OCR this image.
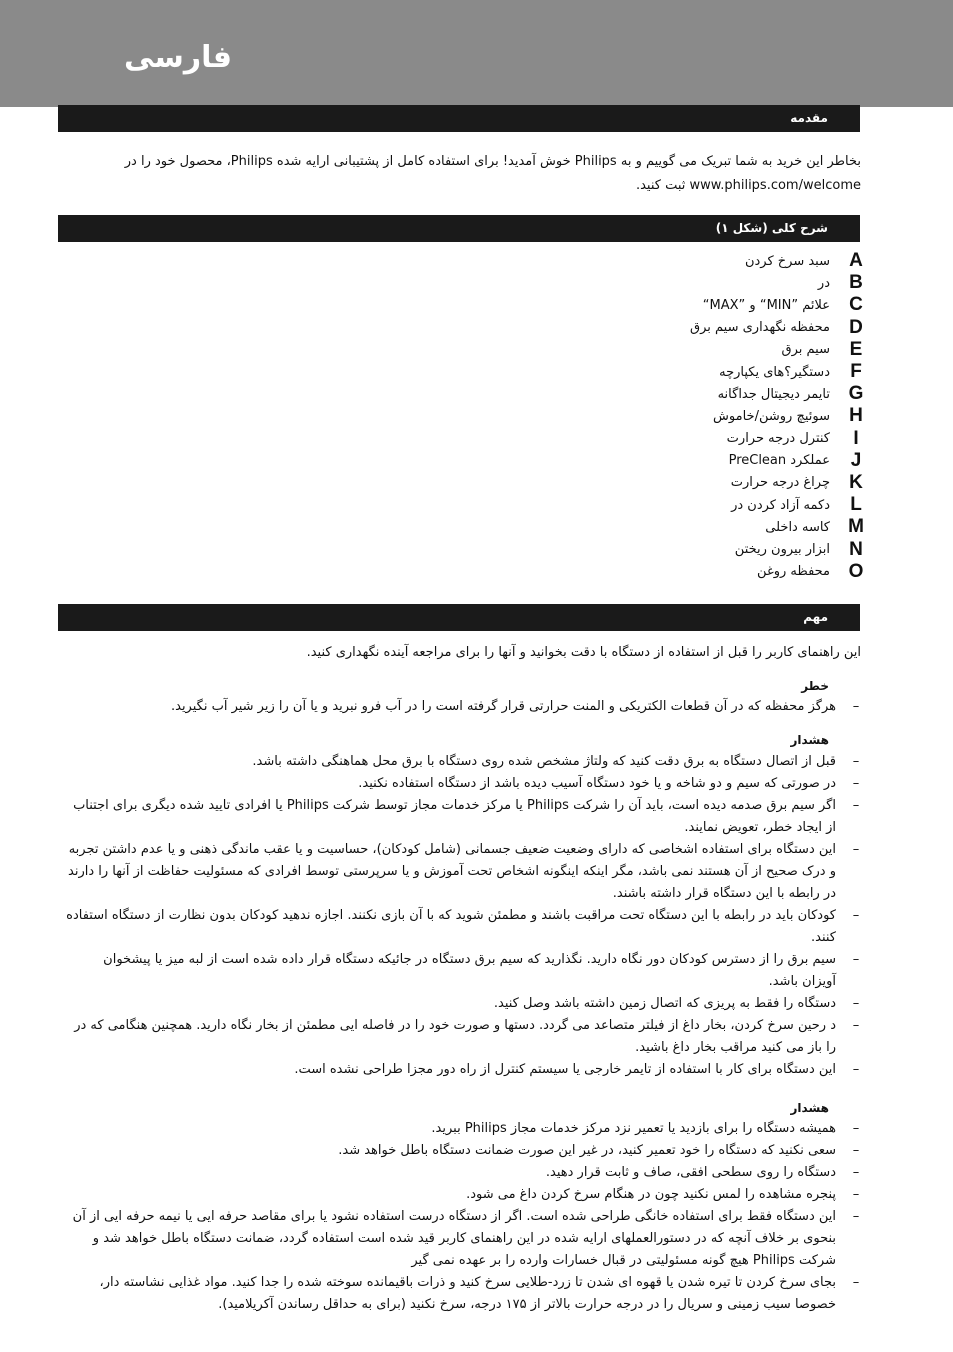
فارسی
مقدمه
بخاطر این خرید به شما تبریک می گوییم و به Philips خوش آمدید! برای استفاده کامل از پشتیبانی ارایه شده Philips، محصول خود را در www.philips.com/welcome ثبت کنید.
شرح کلی (شکل ۱)
سبد سرخ کردن A
در B
علائم ”MIN“ و ”MAX“ C
محفظه نگهداری سیم برق D
سیم برق E
دستگیر؟های یکپارچه F
تایمر دیجیتال جداگانه G
سوئیچ روشن/خاموش H
کنترل درجه حرارت	I
عملکرد PreClean J
چراغ درجه حرارت K
دکمه آزاد کردن در L
کاسه داخلی M
ابزار بیرون ریختن N
محفظه روغن O
مهم
این راهنمای کاربر را قبل از استفاده از دستگاه با دقت بخوانید و آنها را برای مراجعه آینده نگهداری کنید.
خطر
هرگز محفظه که در آن قطعات الکتریکی و المنت حرارتی قرار گرفته است را در آب فرو نبرید و یا آن را زیر شیر آب نگیرید.	–
هشدار
قبل از اتصال دستگاه به برق دقت کنید که ولتاژ مشخص شده روی دستگاه با برق محل هماهنگی داشته باشد.	–
در صورتی که سیم و دو شاخه و یا خود دستگاه آسیب دیده باشد از دستگاه استفاده نکنید.	–
اگر سیم برق صدمه دیده است، باید آن را شرکت Philips یا مرکز خدمات مجاز توسط شرکت Philips یا افرادی تایید شده دیگری برای اجتناب از ایجاد خطر، تعویض نمایند.
–
این دستگاه برای استفاده اشخاصی که دارای وضعیت ضعیف جسمانی (شامل کودکان)، حساسیت و یا عقب ماندگی ذهنی و یا عدم داشتن تجربه و درک صحیح از آن هستند نمی باشد، مگر اینکه اینگونه اشخاص تحت آموزش و یا سرپرستی توسط افرادی که مسئولیت حفاظت از آنها را دارند در رابطه با این دستگاه قرار داشته باشند.
–
کودکان باید در رابطه با این دستگاه تحت مراقبت باشند و مطمئن شوید که با آن بازی نکنند. اجازه ندهید کودکان بدون نظارت از دستگاه استفاده کنند.
–
سیم برق را از دسترس کودکان دور نگاه دارید. نگذارید که سیم برق دستگاه در جائیکه دستگاه قرار داده شده است از لبه میز یا پیشخوان آویزان باشد.
–
دستگاه را فقط به پریزی که اتصال زمین داشته باشد وصل کنید.	–
د رحین سرخ کردن، بخار داغ از فیلتر متصاعد می گردد. دستها و صورت خود را در فاصله ایی مطمئن از بخار نگاه دارید. همچنین هنگامی که در را باز می کنید مراقب بخار داغ باشید.
–
این دستگاه برای کار با استفاده از تایمر خارجی یا سیستم کنترل از راه دور مجزا طراحی نشده است.	–
هشدار
همیشه دستگاه را برای بازدید یا تعمیر نزد مرکز خدمات مجاز Philips ببرید.	–
سعی نکنید که دستگاه را خود تعمیر کنید، در غیر این صورت ضمانت دستگاه باطل خواهد شد.	–
دستگاه را روی سطحی افقی، صاف و ثابت قرار دهید.	–
پنجره مشاهده را لمس نکنید چون در هنگام سرخ کردن داغ می شود.	–
این دستگاه فقط برای استفاده خانگی طراحی شده است. اگر از دستگاه درست استفاده نشود یا برای مقاصد حرفه ایی یا نیمه حرفه ایی از آن بنحوی بر خلاف آنچه که در دستورالعملهای ارایه شده در این راهنمای کاربر قید شده است استفاده گردد، ضمانت دستگاه باطل خواهد شد و شرکت Philips هیچ گونه مسئولیتی در قبال خسارات وارده را بر عهده نمی گیر
–
بجای سرخ کردن تا تیره شدن یا قهوه ای شدن تا زرد-طلایی سرخ کنید و ذرات باقیمانده سوخته شده را جدا کنید. مواد غذایی نشاسته دار، خصوصا سیب زمینی و سریال را در درجه حرارت بالاتر از ۱۷۵ درجه، سرخ نکنید (برای به حداقل رساندن آکریلامید).
–
